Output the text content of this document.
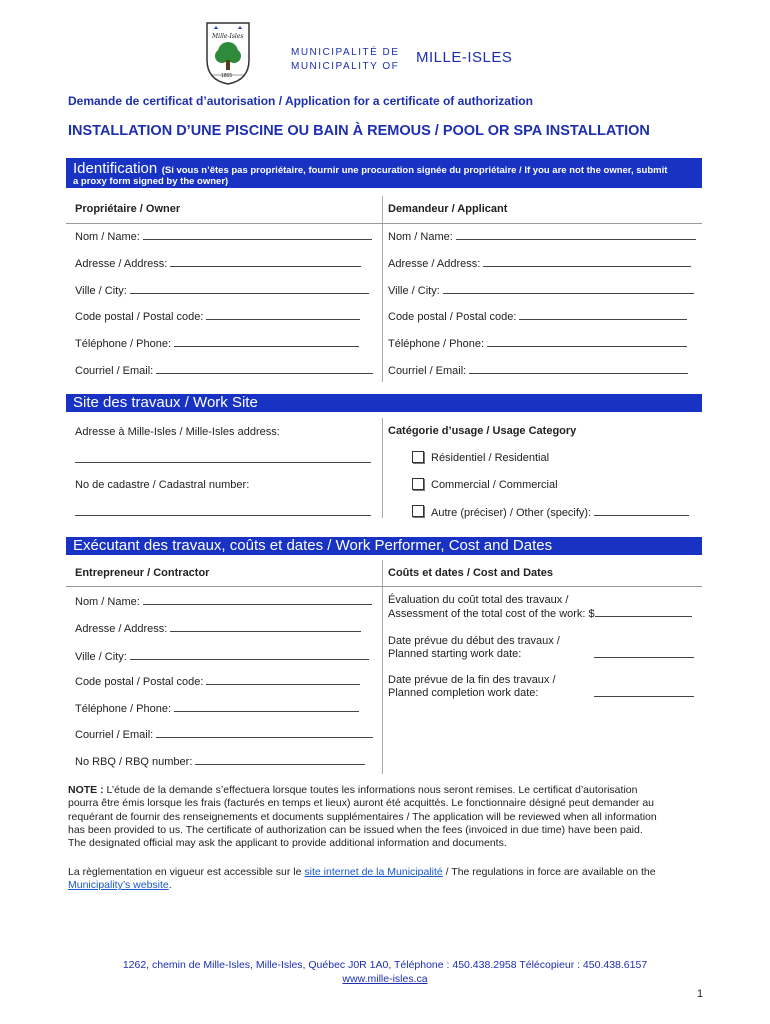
Mille-Isles
1855
MUNICIPALITÉ DE
MUNICIPALITY OF
MILLE-ISLES
Demande de certificat d’autorisation / Application for a certificate of authorization
INSTALLATION D’UNE PISCINE OU BAIN À REMOUS / POOL OR SPA INSTALLATION
Identification (Si vous n’êtes pas propriétaire, fournir une procuration signée du propriétaire / If you are not the owner, submit
a proxy form signed by the owner)
Propriétaire / Owner	Demandeur / Applicant
Nom / Name:	Nom / Name:
Adresse / Address:	Adresse / Address:
Ville / City:	Ville / City:
Code postal / Postal code:	Code postal / Postal code:
Téléphone / Phone:	Téléphone / Phone:
Courriel / Email:	Courriel / Email:
Site des travaux / Work Site
Adresse à Mille-Isles / Mille-Isles address:
No de cadastre / Cadastral number:
Catégorie d’usage / Usage Category
Résidentiel / Residential
Commercial / Commercial
Autre (préciser) / Other (specify):
Exécutant des travaux, coûts et dates / Work Performer, Cost and Dates
Entrepreneur / Contractor	Coûts et dates / Cost and Dates
Nom / Name:
Adresse / Address:
Ville / City:
Code postal / Postal code:
Téléphone / Phone:
Courriel / Email:
No RBQ / RBQ number:
Évaluation du coût total des travaux /
Assessment of the total cost of the work: $
Date prévue du début des travaux /
Planned starting work date:
Date prévue de la fin des travaux /
Planned completion work date:
NOTE : L’étude de la demande s’effectuera lorsque toutes les informations nous seront remises. Le certificat d’autorisation
pourra être émis lorsque les frais (facturés en temps et lieux) auront été acquittés. Le fonctionnaire désigné peut demander au
requérant de fournir des renseignements et documents supplémentaires / The application will be reviewed when all information
has been provided to us. The certificate of authorization can be issued when the fees (invoiced in due time) have been paid.
The designated official may ask the applicant to provide additional information and documents.
La règlementation en vigueur est accessible sur le site internet de la Municipalité / The regulations in force are available on the
Municipality’s website.
1262, chemin de Mille-Isles, Mille-Isles, Québec J0R 1A0, Téléphone : 450.438.2958 Télécopieur : 450.438.6157
www.mille-isles.ca
1
